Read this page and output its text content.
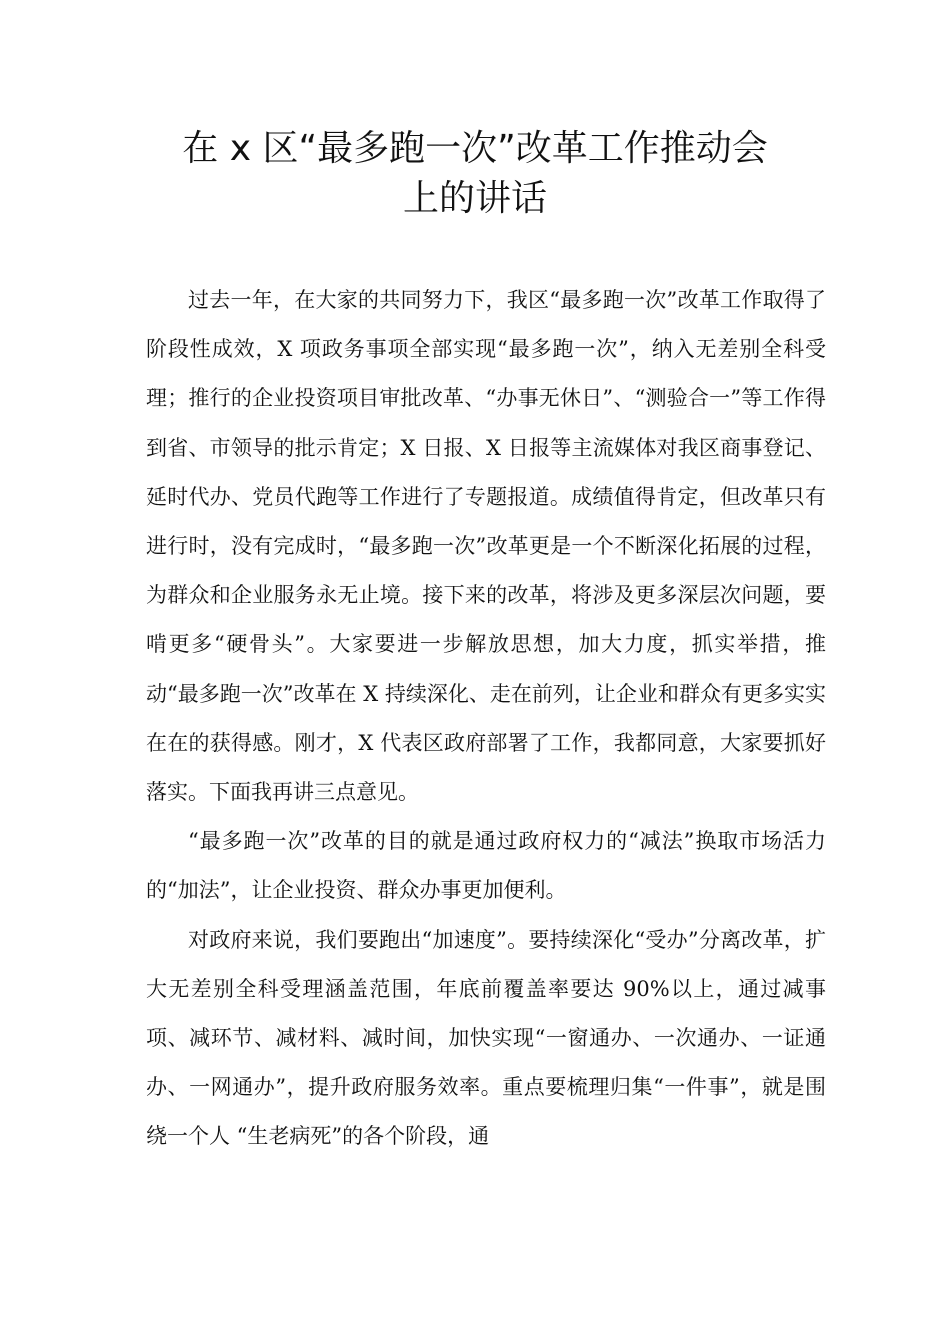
在 x 区“最多跑一次”改革工作推动会
上的讲话

过去一年，在大家的共同努力下，我区“最多跑一次”改革工作取得了阶段性成效，X 项政务事项全部实现“最多跑一次”，纳入无差别全科受理；推行的企业投资项目审批改革、“办事无休日”、“测验合一”等工作得到省、市领导的批示肯定；X 日报、X 日报等主流媒体对我区商事登记、延时代办、党员代跑等工作进行了专题报道。成绩值得肯定，但改革只有进行时，没有完成时，“最多跑一次”改革更是一个不断深化拓展的过程，为群众和企业服务永无止境。接下来的改革，将涉及更多深层次问题，要啃更多“硬骨头”。大家要进一步解放思想，加大力度，抓实举措，推动“最多跑一次”改革在 X 持续深化、走在前列，让企业和群众有更多实实在在的获得感。刚才，X 代表区政府部署了工作，我都同意，大家要抓好落实。下面我再讲三点意见。

“最多跑一次”改革的目的就是通过政府权力的“减法”换取市场活力的“加法”，让企业投资、群众办事更加便利。

对政府来说，我们要跑出“加速度”。要持续深化“受办”分离改革，扩大无差别全科受理涵盖范围，年底前覆盖率要达 90%以上，通过减事项、减环节、减材料、减时间，加快实现“一窗通办、一次通办、一证通办、一网通办”，提升政府服务效率。重点要梳理归集“一件事”，就是围绕一个人 “生老病死”的各个阶段，通
